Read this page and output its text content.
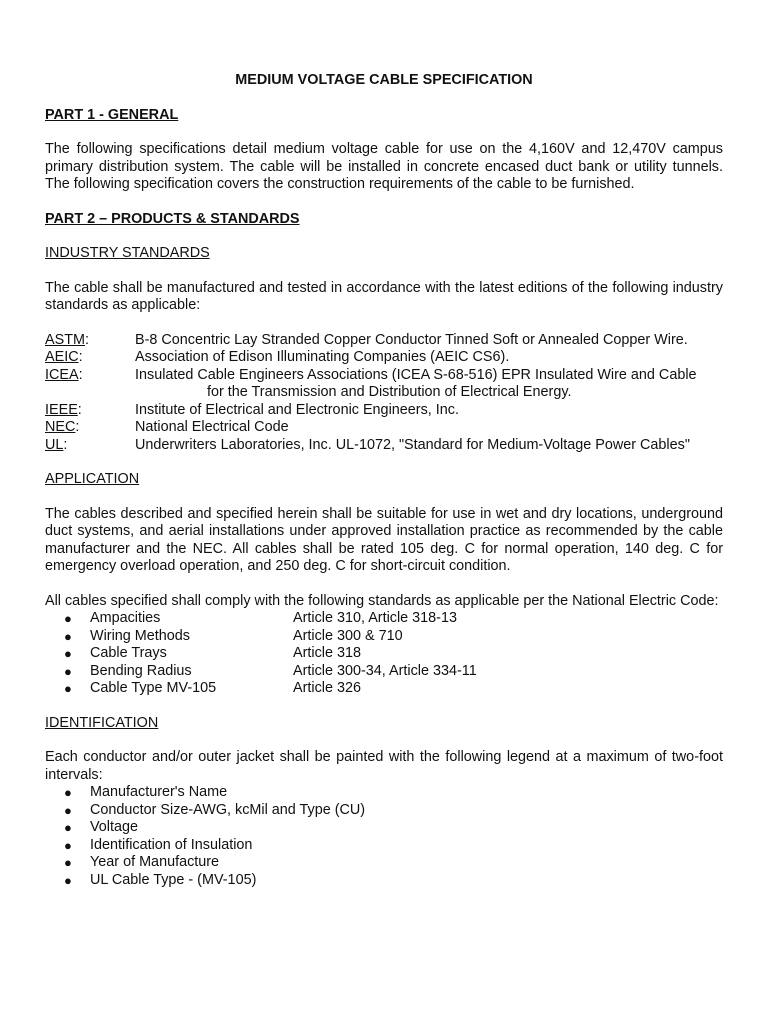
MEDIUM VOLTAGE CABLE SPECIFICATION
PART 1 - GENERAL

The following specifications detail medium voltage cable for use on the 4,160V and 12,470V campus primary distribution system. The cable will be installed in concrete encased duct bank or utility tunnels. The following specification covers the construction requirements of the cable to be furnished.

PART 2 – PRODUCTS & STANDARDS
INDUSTRY STANDARDS

The cable shall be manufactured and tested in accordance with the latest editions of the following industry standards as applicable:

ASTM:	B-8 Concentric Lay Stranded Copper Conductor Tinned Soft or Annealed Copper Wire.
AEIC:	Association of Edison Illuminating Companies (AEIC CS6).
ICEA:	Insulated Cable Engineers Associations (ICEA S-68-516) EPR Insulated Wire and Cable
for the Transmission and Distribution of Electrical Energy.
IEEE:	Institute of Electrical and Electronic Engineers, Inc.
NEC:	National Electrical Code
UL:	Underwriters Laboratories, Inc. UL-1072, "Standard for Medium-Voltage Power Cables"
APPLICATION

The cables described and specified herein shall be suitable for use in wet and dry locations, underground duct systems, and aerial installations under approved installation practice as recommended by the cable manufacturer and the NEC. All cables shall be rated 105 deg. C for normal operation, 140 deg. C for emergency overload operation, and 250 deg. C for short-circuit condition.

All cables specified shall comply with the following standards as applicable per the National Electric Code:

●	Ampacities	Article 310, Article 318-13
●	Wiring Methods	Article 300 & 710
●	Cable Trays	Article 318
●	Bending Radius	Article 300-34, Article 334-11
●	Cable Type MV-105	Article 326
IDENTIFICATION

Each conductor and/or outer jacket shall be painted with the following legend at a maximum of two-foot intervals:

●	Manufacturer's Name
●	Conductor Size-AWG, kcMil and Type (CU)
●	Voltage
●	Identification of Insulation
●	Year of Manufacture
●	UL Cable Type - (MV-105)
